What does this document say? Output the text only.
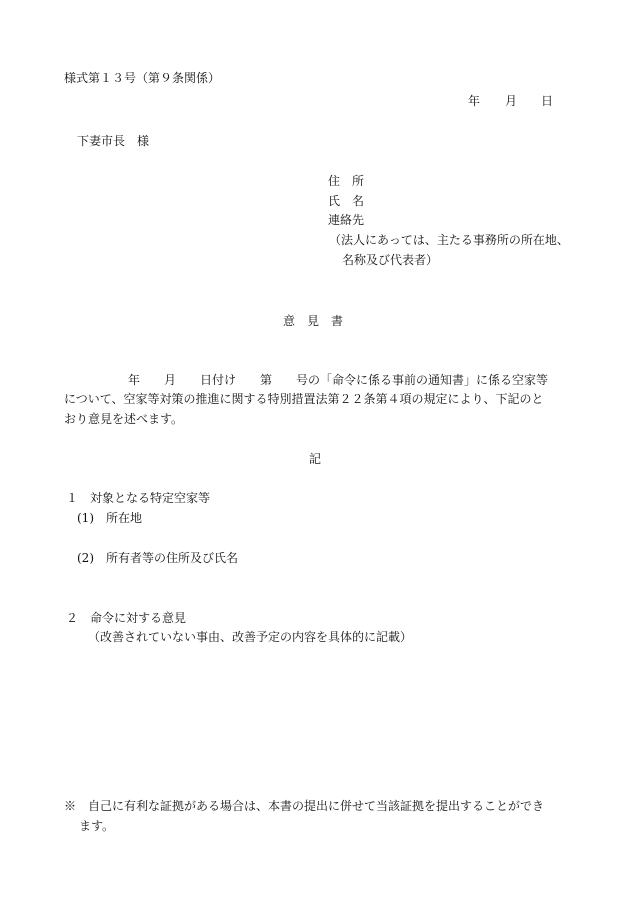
様式第１３号（第９条関係）
年 月 日
下妻市長　様
住　所
氏　名
連絡先
（法人にあっては、主たる事務所の所在地、
名称及び代表者）
意　見　書
年　　月　　日付け　　第　　号の「命令に係る事前の通知書」に係る空家等
について、空家等対策の推進に関する特別措置法第２２条第４項の規定により、下記のと
おり意見を述べます。
記
１　対象となる特定空家等
(1)　所在地
(2)　所有者等の住所及び氏名
２　命令に対する意見
（改善されていない事由、改善予定の内容を具体的に記載）
※　自己に有利な証拠がある場合は、本書の提出に併せて当該証拠を提出することができ
ます。
